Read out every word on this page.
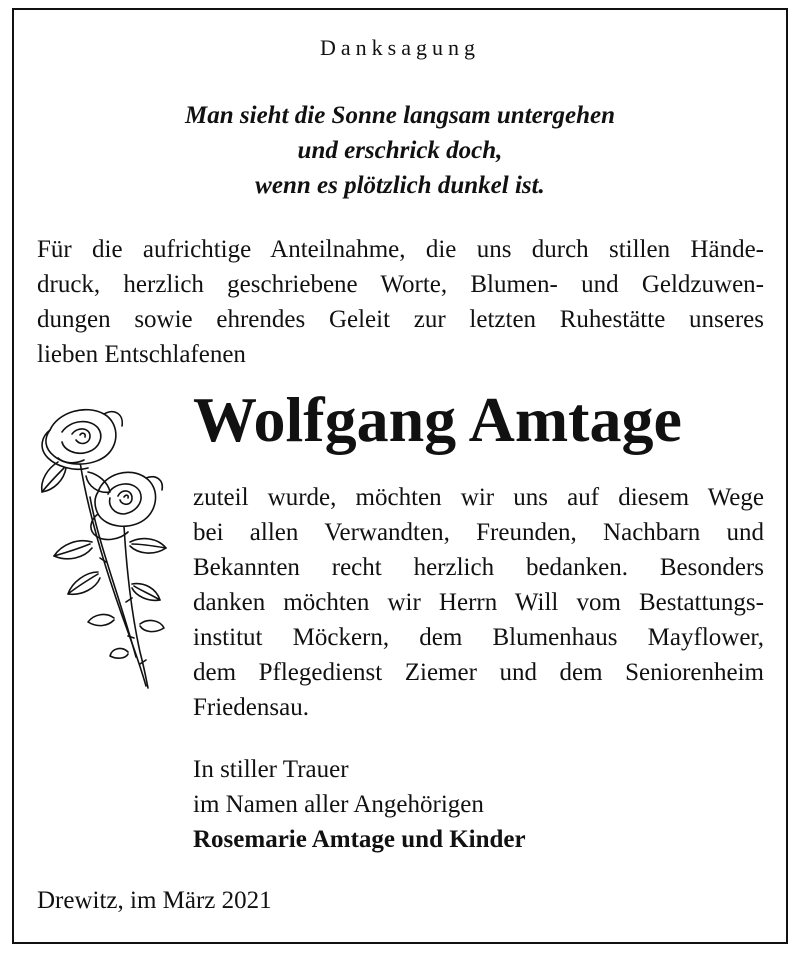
Danksagung
Man sieht die Sonne langsam untergehen
und erschrick doch,
wenn es plötzlich dunkel ist.
Für die aufrichtige Anteilnahme, die uns durch stillen Hände-
druck, herzlich geschriebene Worte, Blumen- und Geldzuwen-
dungen sowie ehrendes Geleit zur letzten Ruhestätte unseres
lieben Entschlafenen
Wolfgang Amtage
zuteil wurde, möchten wir uns auf diesem Wege
bei allen Verwandten, Freunden, Nachbarn und
Bekannten recht herzlich bedanken. Besonders
danken möchten wir Herrn Will vom Bestattungs-
institut Möckern, dem Blumenhaus Mayflower,
dem Pflegedienst Ziemer und dem Seniorenheim
Friedensau.
In stiller Trauer
im Namen aller Angehörigen
Rosemarie Amtage und Kinder
Drewitz, im März 2021
